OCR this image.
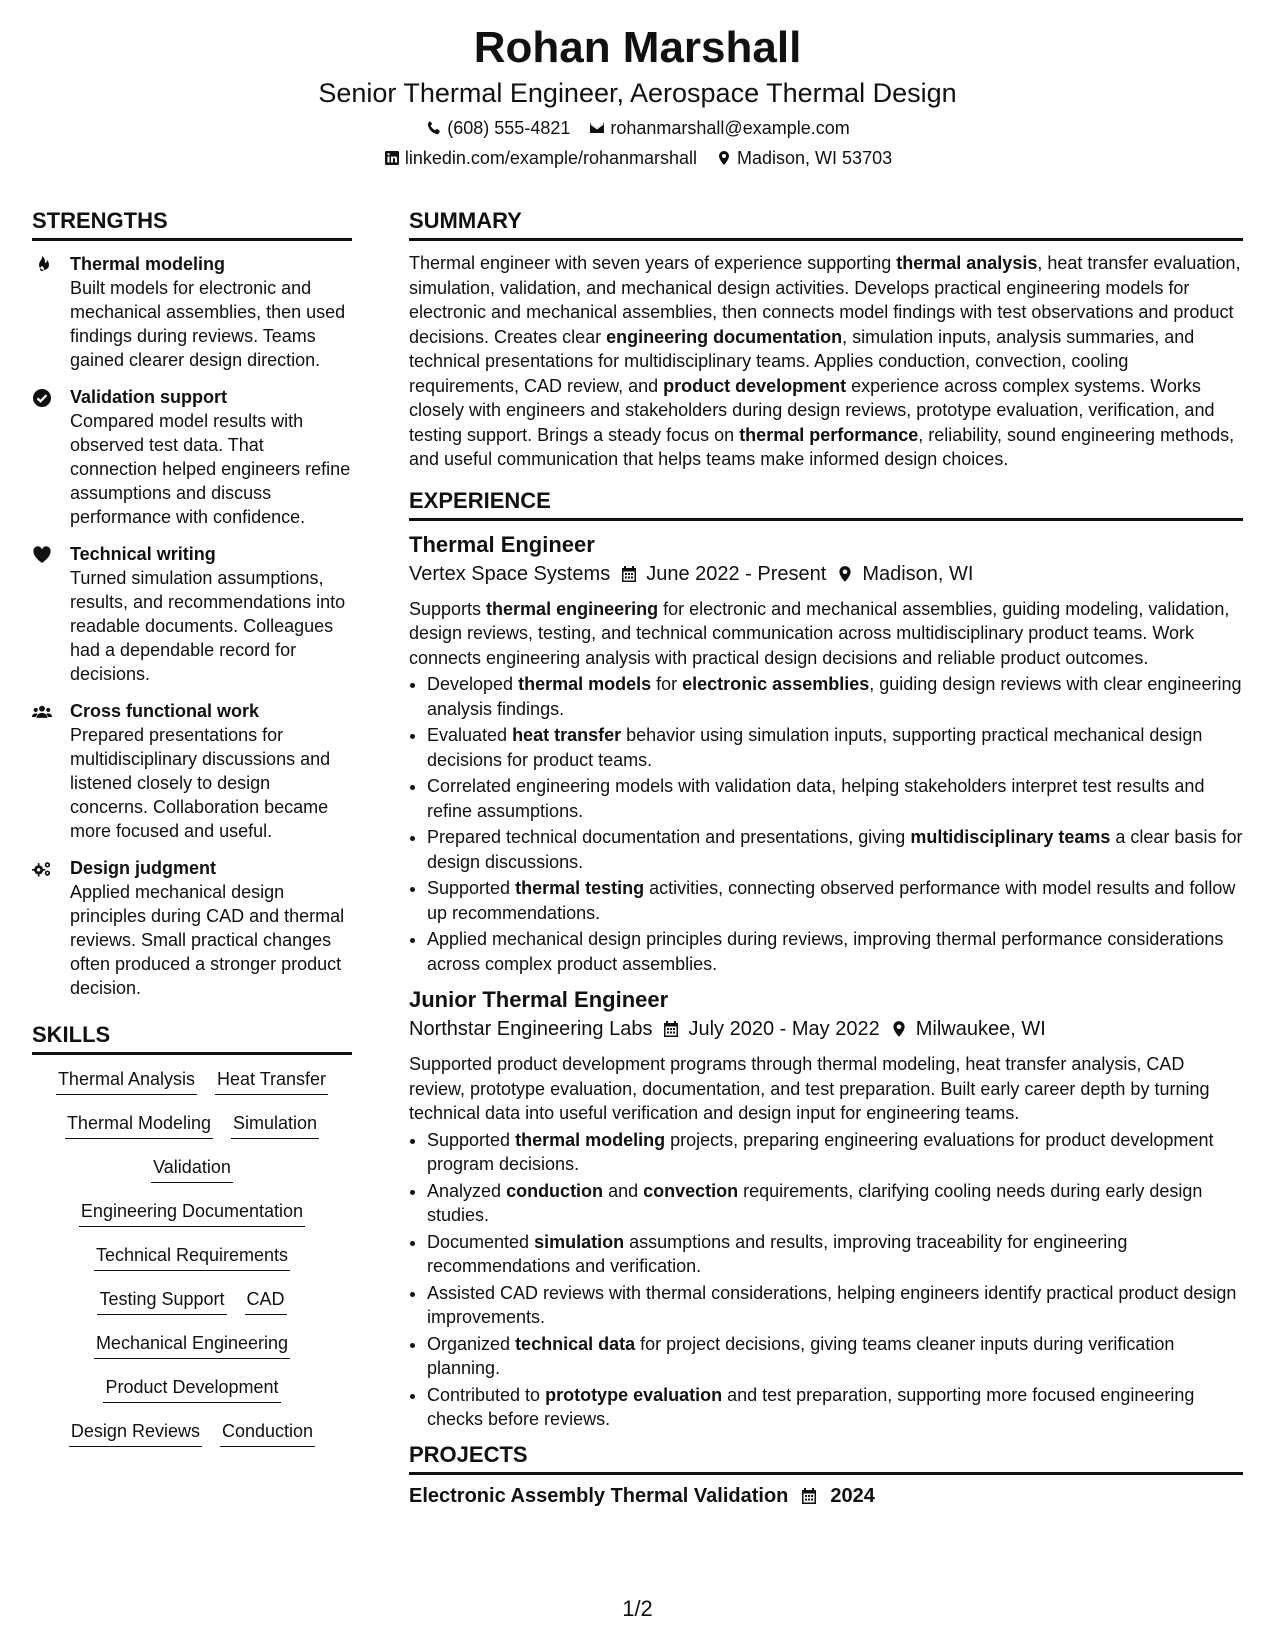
Rohan Marshall
Senior Thermal Engineer, Aerospace Thermal Design
(608) 555-4821 rohanmarshall@example.com
linkedin.com/example/rohanmarshall Madison, WI 53703
STRENGTHS
Thermal modeling
Built models for electronic and mechanical assemblies, then used findings during reviews. Teams gained clearer design direction.
Validation support
Compared model results with observed test data. That connection helped engineers refine assumptions and discuss performance with confidence.
Technical writing
Turned simulation assumptions, results, and recommendations into readable documents. Colleagues had a dependable record for decisions.
Cross functional work
Prepared presentations for multidisciplinary discussions and listened closely to design concerns. Collaboration became more focused and useful.
Design judgment
Applied mechanical design principles during CAD and thermal reviews. Small practical changes often produced a stronger product decision.
SKILLS
Thermal Analysis Heat Transfer
Thermal Modeling Simulation
Validation
Engineering Documentation
Technical Requirements
Testing Support CAD
Mechanical Engineering
Product Development
Design Reviews Conduction
SUMMARY

Thermal engineer with seven years of experience supporting thermal analysis, heat transfer evaluation, simulation, validation, and mechanical design activities. Develops practical engineering models for electronic and mechanical assemblies, then connects model findings with test observations and product decisions. Creates clear engineering documentation, simulation inputs, analysis summaries, and technical presentations for multidisciplinary teams. Applies conduction, convection, cooling requirements, CAD review, and product development experience across complex systems. Works closely with engineers and stakeholders during design reviews, prototype evaluation, verification, and testing support. Brings a steady focus on thermal performance, reliability, sound engineering methods, and useful communication that helps teams make informed design choices.

EXPERIENCE
Thermal Engineer
Vertex Space Systems June 2022 - Present Madison, WI

Supports thermal engineering for electronic and mechanical assemblies, guiding modeling, validation, design reviews, testing, and technical communication across multidisciplinary product teams. Work connects engineering analysis with practical design decisions and reliable product outcomes.

• Developed thermal models for electronic assemblies, guiding design reviews with clear engineering analysis findings.
• Evaluated heat transfer behavior using simulation inputs, supporting practical mechanical design decisions for product teams.
• Correlated engineering models with validation data, helping stakeholders interpret test results and refine assumptions.
• Prepared technical documentation and presentations, giving multidisciplinary teams a clear basis for design discussions.
• Supported thermal testing activities, connecting observed performance with model results and follow up recommendations.
• Applied mechanical design principles during reviews, improving thermal performance considerations across complex product assemblies.
Junior Thermal Engineer
Northstar Engineering Labs July 2020 - May 2022 Milwaukee, WI

Supported product development programs through thermal modeling, heat transfer analysis, CAD review, prototype evaluation, documentation, and test preparation. Built early career depth by turning technical data into useful verification and design input for engineering teams.

• Supported thermal modeling projects, preparing engineering evaluations for product development program decisions.
• Analyzed conduction and convection requirements, clarifying cooling needs during early design studies.
• Documented simulation assumptions and results, improving traceability for engineering recommendations and verification.
• Assisted CAD reviews with thermal considerations, helping engineers identify practical product design improvements.
• Organized technical data for project decisions, giving teams cleaner inputs during verification planning.
• Contributed to prototype evaluation and test preparation, supporting more focused engineering checks before reviews.
PROJECTS
Electronic Assembly Thermal Validation 2024
1/2
